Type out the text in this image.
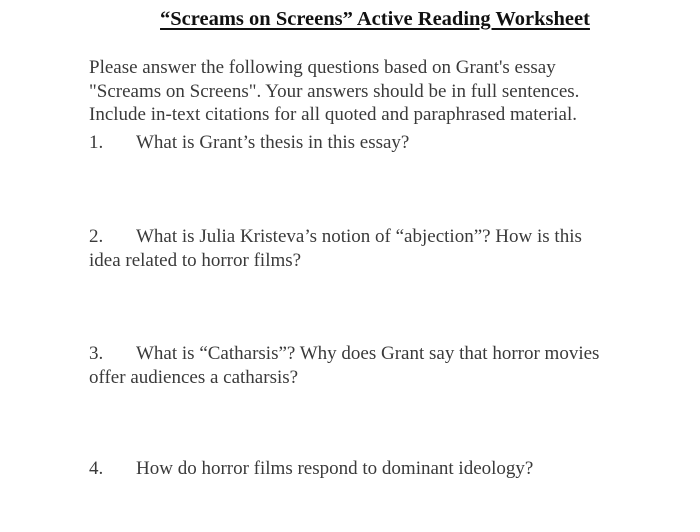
“Screams on Screens” Active Reading Worksheet
Please answer the following questions based on Grant's essay
"Screams on Screens". Your answers should be in full sentences.
Include in-text citations for all quoted and paraphrased material.
1. What is Grant’s thesis in this essay?
2. What is Julia Kristeva’s notion of “abjection”? How is this
idea related to horror films?
3. What is “Catharsis”? Why does Grant say that horror movies
offer audiences a catharsis?
4. How do horror films respond to dominant ideology?
